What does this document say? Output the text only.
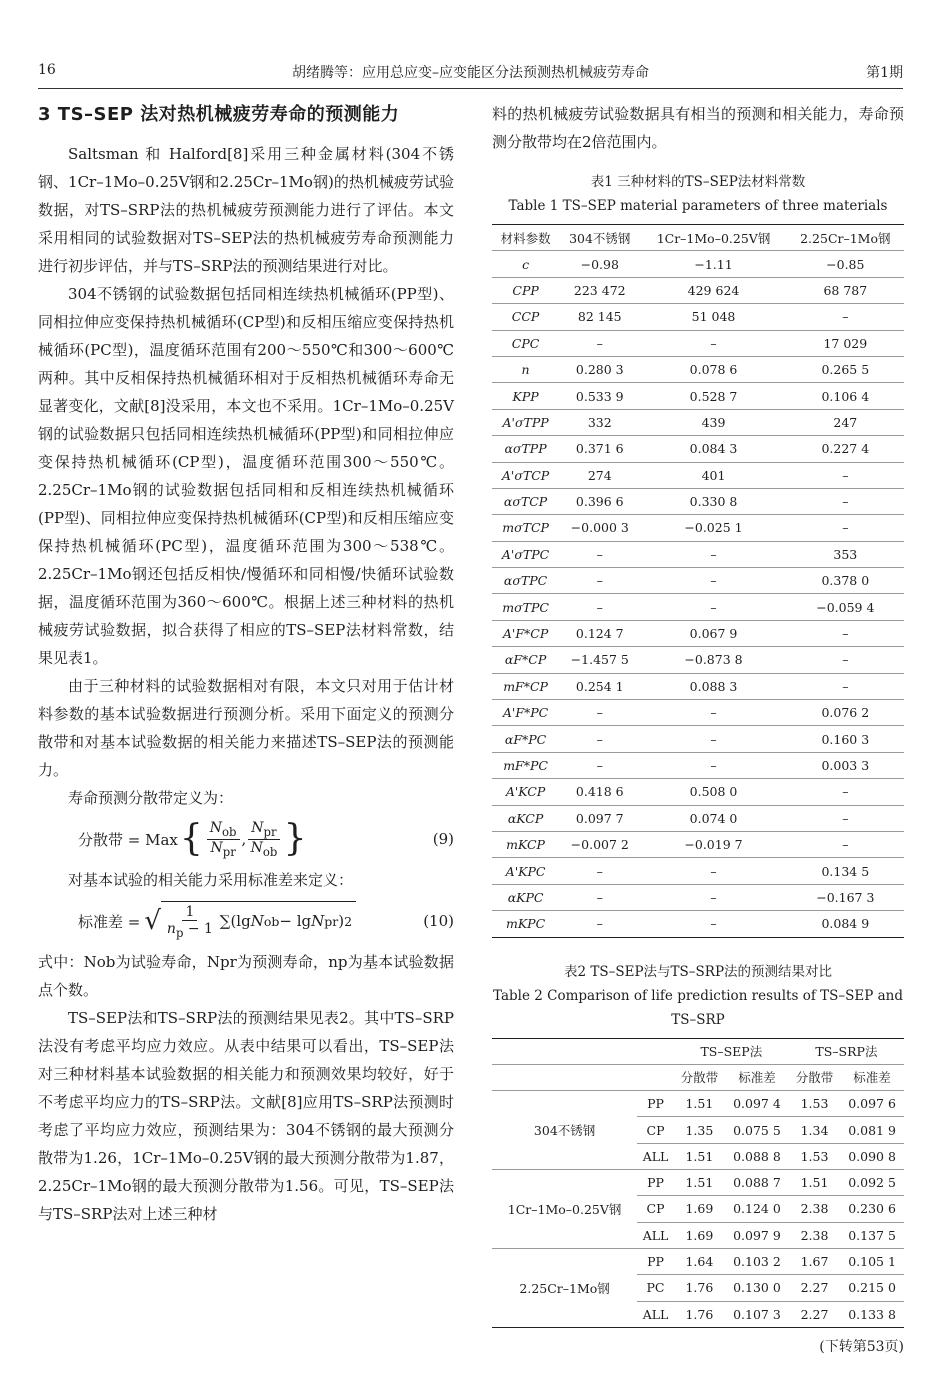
16	胡绪腾等：应用总应变–应变能区分法预测热机械疲劳寿命	第1期
3 TS–SEP 法对热机械疲劳寿命的预测能力

Saltsman 和 Halford[8]采用三种金属材料(304不锈钢、1Cr–1Mo–0.25V钢和2.25Cr–1Mo钢)的热机械疲劳试验数据，对TS–SRP法的热机械疲劳预测能力进行了评估。本文采用相同的试验数据对TS–SEP法的热机械疲劳寿命预测能力进行初步评估，并与TS–SRP法的预测结果进行对比。

304不锈钢的试验数据包括同相连续热机械循环(PP型)、同相拉伸应变保持热机械循环(CP型)和反相压缩应变保持热机械循环(PC型)，温度循环范围有200～550℃和300～600℃两种。其中反相保持热机械循环相对于反相热机械循环寿命无显著变化，文献[8]没采用，本文也不采用。1Cr–1Mo–0.25V钢的试验数据只包括同相连续热机械循环(PP型)和同相拉伸应变保持热机械循环(CP型)，温度循环范围300～550℃。2.25Cr–1Mo钢的试验数据包括同相和反相连续热机械循环(PP型)、同相拉伸应变保持热机械循环(CP型)和反相压缩应变保持热机械循环(PC型)，温度循环范围为300～538℃。2.25Cr–1Mo钢还包括反相快/慢循环和同相慢/快循环试验数据，温度循环范围为360～600℃。根据上述三种材料的热机械疲劳试验数据，拟合获得了相应的TS–SEP法材料常数，结果见表1。

由于三种材料的试验数据相对有限，本文只对用于估计材料参数的基本试验数据进行预测分析。采用下面定义的预测分散带和对基本试验数据的相关能力来描述TS–SEP法的预测能力。

寿命预测分散带定义为：

分散带 = Max { $\frac{N_{ob}}{N_{pr}}$ , $\frac{N_{pr}}{N_{ob}}$ }	(9)

对基本试验的相关能力采用标准差来定义：

标准差 = √ $\frac{1}{n_p - 1} \sum(\lg$ N ob − lg N pr ) 2	(10)

式中：Nob为试验寿命，Npr为预测寿命，np为基本试验数据点个数。

TS–SEP法和TS–SRP法的预测结果见表2。其中TS–SRP法没有考虑平均应力效应。从表中结果可以看出，TS–SEP法对三种材料基本试验数据的相关能力和预测效果均较好，好于不考虑平均应力的TS–SRP法。文献[8]应用TS–SRP法预测时考虑了平均应力效应，预测结果为：304不锈钢的最大预测分散带为1.26，1Cr–1Mo–0.25V钢的最大预测分散带为1.87，2.25Cr–1Mo钢的最大预测分散带为1.56。可见，TS–SEP法与TS–SRP法对上述三种材

料的热机械疲劳试验数据具有相当的预测和相关能力，寿命预测分散带均在2倍范围内。

表1 三种材料的TS–SEP法材料常数

Table 1 TS–SEP material parameters of three materials

材料参数	304不锈钢	1Cr–1Mo–0.25V钢	2.25Cr–1Mo钢
c	−0.98	−1.11	−0.85
CPP	223 472	429 624	68 787
CCP	82 145	51 048	–
CPC	–	–	17 029
n	0.280 3	0.078 6	0.265 5
KPP	0.533 9	0.528 7	0.106 4
A'σTPP	332	439	247
ασTPP	0.371 6	0.084 3	0.227 4
A'σTCP	274	401	–
ασTCP	0.396 6	0.330 8	–
mσTCP	−0.000 3	−0.025 1	–
A'σTPC	–	–	353
ασTPC	–	–	0.378 0
mσTPC	–	–	−0.059 4
A'F*CP	0.124 7	0.067 9	–
αF*CP	−1.457 5	−0.873 8	–
mF*CP	0.254 1	0.088 3	–
A'F*PC	–	–	0.076 2
αF*PC	–	–	0.160 3
mF*PC	–	–	0.003 3
A'KCP	0.418 6	0.508 0	–
αKCP	0.097 7	0.074 0	–
mKCP	−0.007 2	−0.019 7	–
A'KPC	–	–	0.134 5
αKPC	–	–	−0.167 3
mKPC	–	–	0.084 9

表2 TS–SEP法与TS–SRP法的预测结果对比

Table 2 Comparison of life prediction results of TS–SEP and

TS–SRP

		TS–SEP法		TS–SRP法	
		分散带	标准差	分散带	标准差
304不锈钢	PP	1.51	0.097 4	1.53	0.097 6
	CP	1.35	0.075 5	1.34	0.081 9
	ALL	1.51	0.088 8	1.53	0.090 8
1Cr–1Mo–0.25V钢	PP	1.51	0.088 7	1.51	0.092 5
	CP	1.69	0.124 0	2.38	0.230 6
	ALL	1.69	0.097 9	2.38	0.137 5
2.25Cr–1Mo钢	PP	1.64	0.103 2	1.67	0.105 1
	PC	1.76	0.130 0	2.27	0.215 0
	ALL	1.76	0.107 3	2.27	0.133 8
(下转第53页)
